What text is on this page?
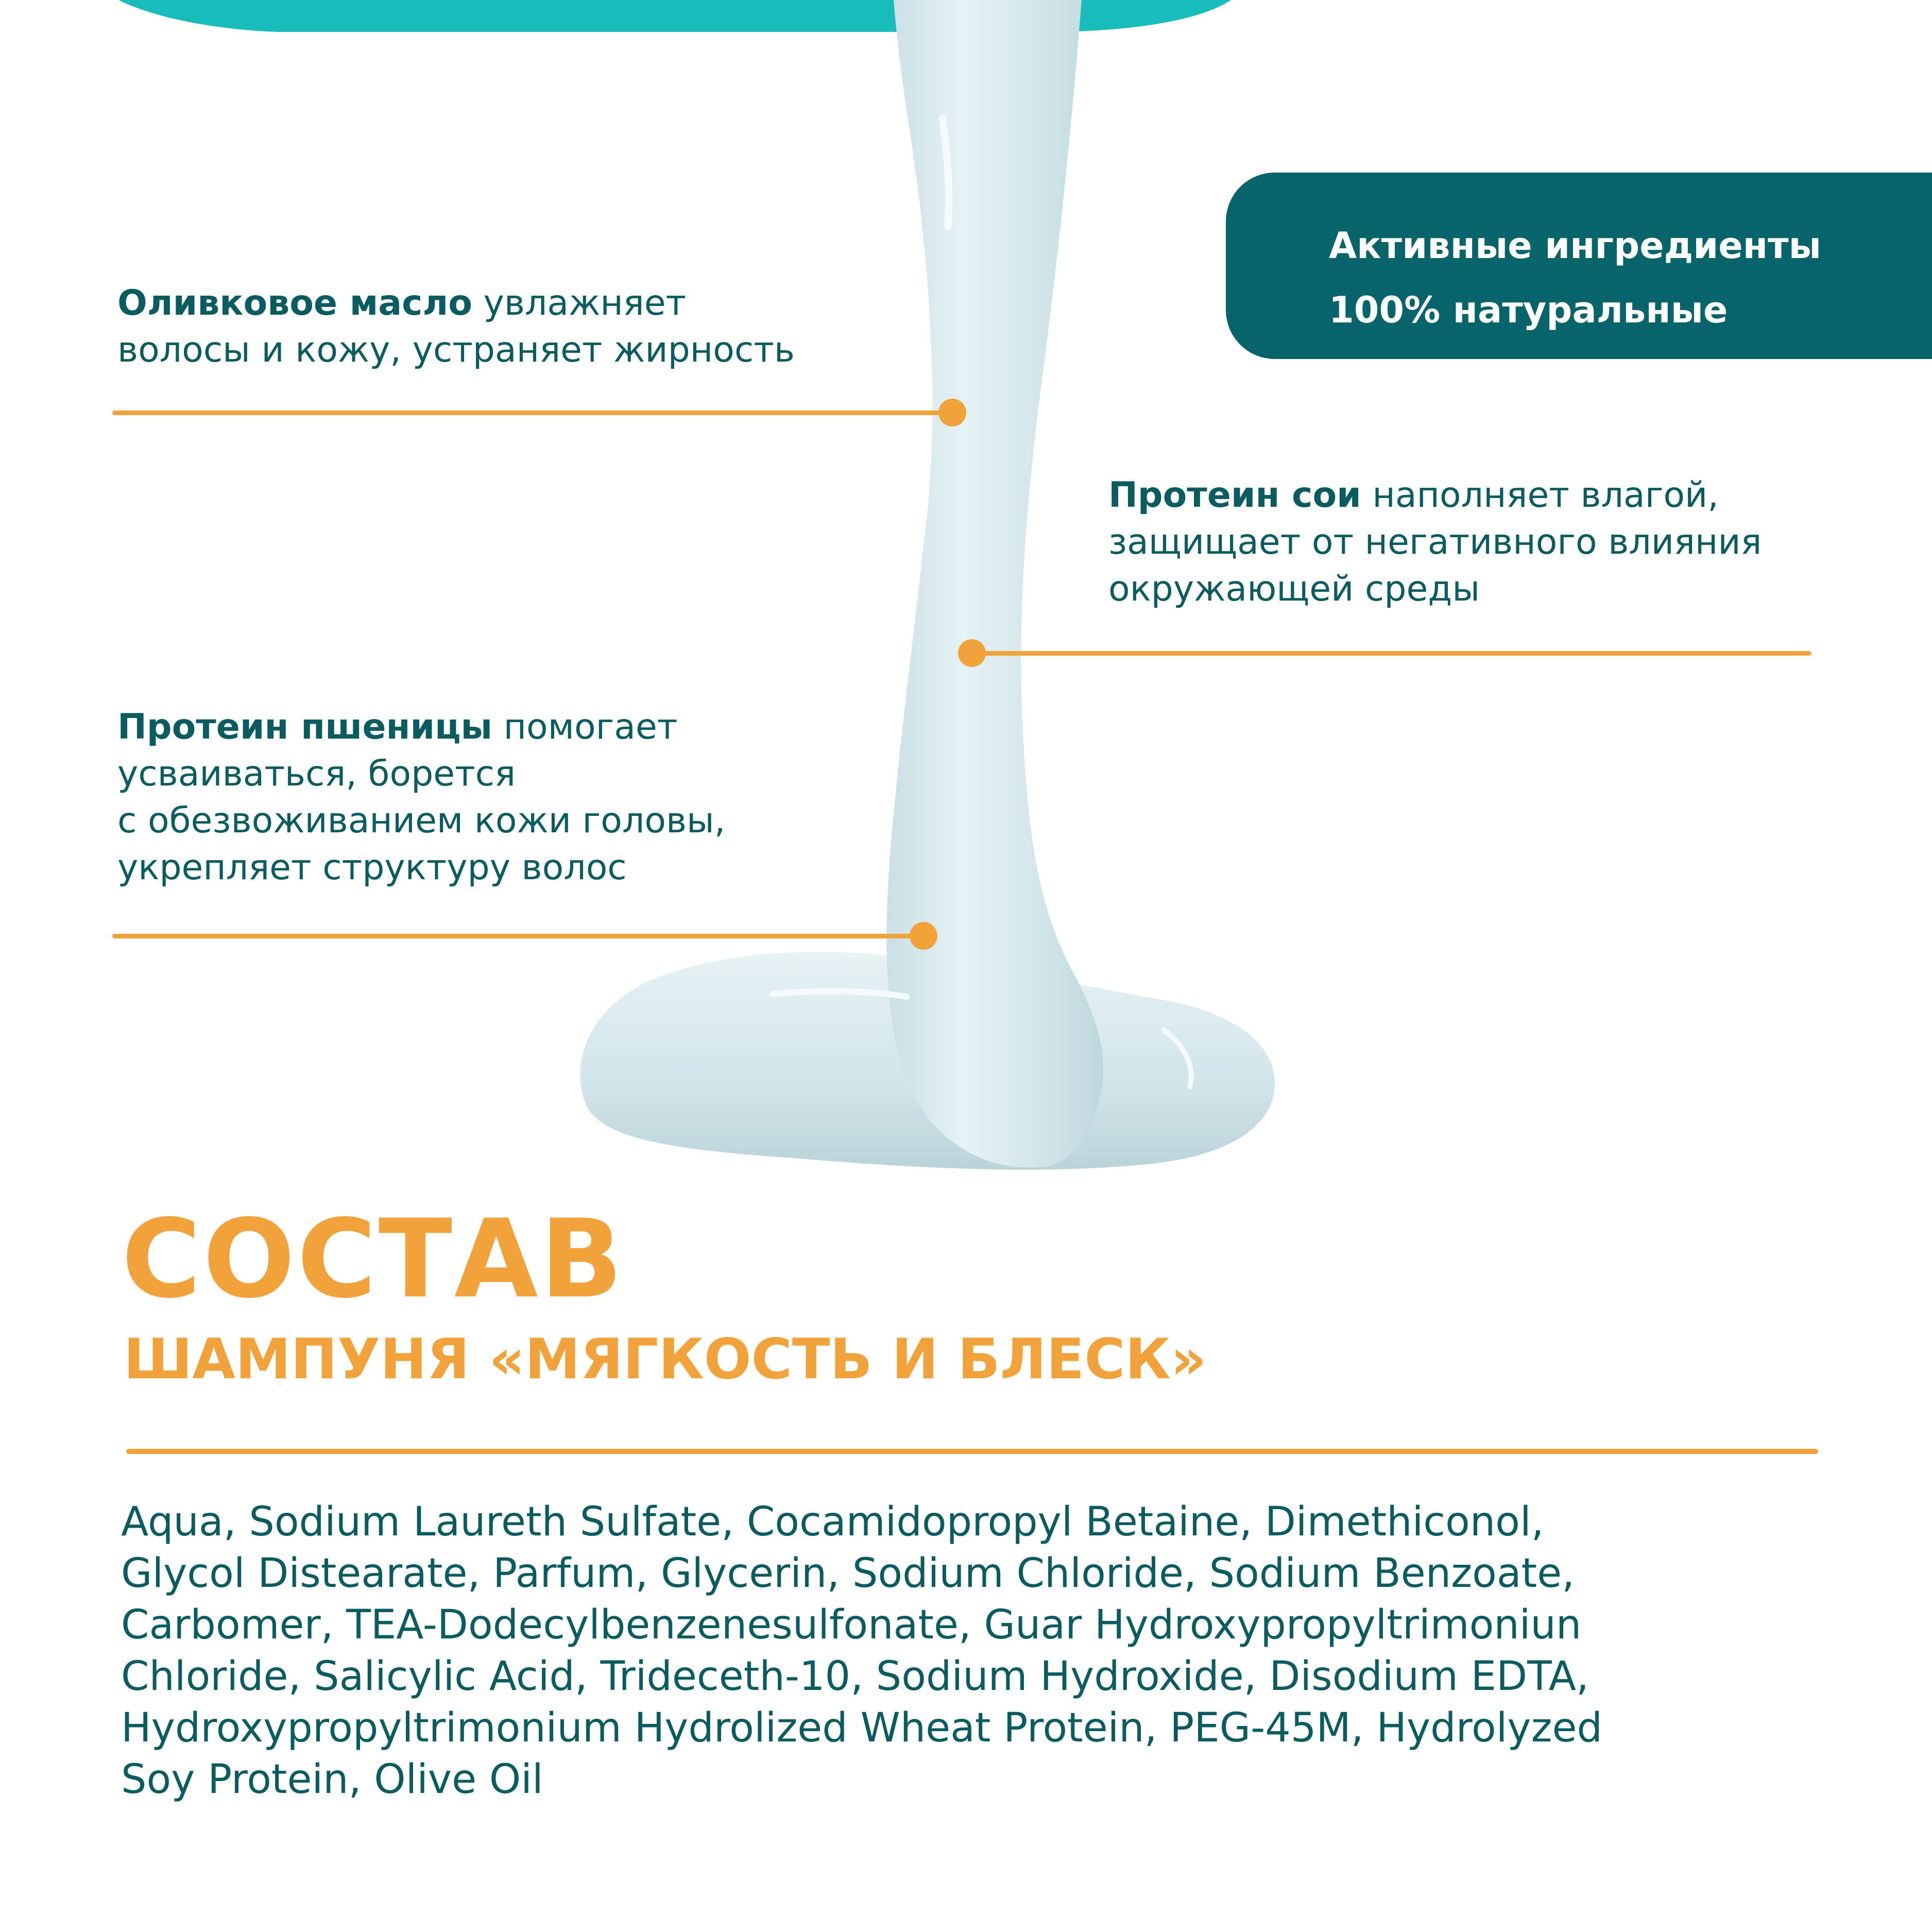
Активные ингредиенты
100% натуральные
Оливковое масло увлажняет
волосы и кожу, устраняет жирность
Протеин сои наполняет влагой,
защищает от негативного влияния
окружающей среды
Протеин пшеницы помогает
усваиваться, борется
с обезвоживанием кожи головы,
укрепляет структуру волос
СОСТАВ
ШАМПУНЯ «МЯГКОСТЬ И БЛЕСК»
Aqua, Sodium Laureth Sulfate, Cocamidopropyl Betaine, Dimethiconol,
Glycol Distearate, Parfum, Glycerin, Sodium Chloride, Sodium Benzoate,
Carbomer, TEA-Dodecylbenzenesulfonate, Guar Hydroxypropyltrimoniun
Chloride, Salicylic Acid, Trideceth-10, Sodium Hydroxide, Disodium EDTA,
Hydroxypropyltrimonium Hydrolized Wheat Protein, PEG-45M, Hydrolyzed
Soy Protein, Olive Oil
